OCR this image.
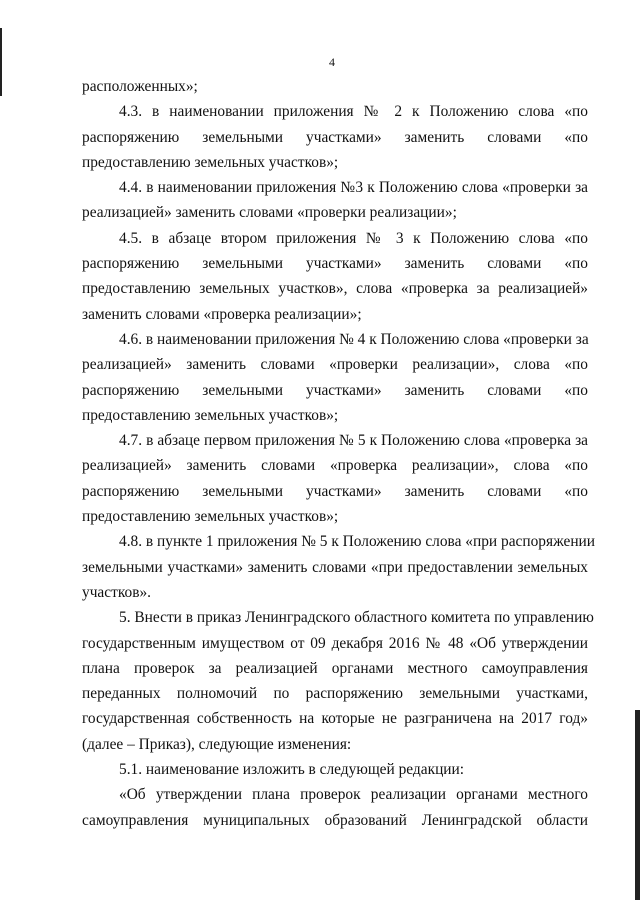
4
расположенных»;
4.3. в наименовании приложения № 2 к Положению слова «по
распоряжению земельными участками» заменить словами «по
предоставлению земельных участков»;
4.4. в наименовании приложения №3 к Положению слова «проверки за
реализацией» заменить словами «проверки реализации»;
4.5. в абзаце втором приложения № 3 к Положению слова «по
распоряжению земельными участками» заменить словами «по
предоставлению земельных участков», слова «проверка за реализацией»
заменить словами «проверка реализации»;
4.6. в наименовании приложения № 4 к Положению слова «проверки за
реализацией» заменить словами «проверки реализации», слова «по
распоряжению земельными участками» заменить словами «по
предоставлению земельных участков»;
4.7. в абзаце первом приложения № 5 к Положению слова «проверка за
реализацией» заменить словами «проверка реализации», слова «по
распоряжению земельными участками» заменить словами «по
предоставлению земельных участков»;
4.8. в пункте 1 приложения № 5 к Положению слова «при распоряжении
земельными участками» заменить словами «при предоставлении земельных
участков».
5. Внести в приказ Ленинградского областного комитета по управлению
государственным имуществом от 09 декабря 2016 № 48 «Об утверждении
плана проверок за реализацией органами местного самоуправления
переданных полномочий по распоряжению земельными участками,
государственная собственность на которые не разграничена на 2017 год»
(далее – Приказ), следующие изменения:
5.1. наименование изложить в следующей редакции:
«Об утверждении плана проверок реализации органами местного
самоуправления муниципальных образований Ленинградской области
